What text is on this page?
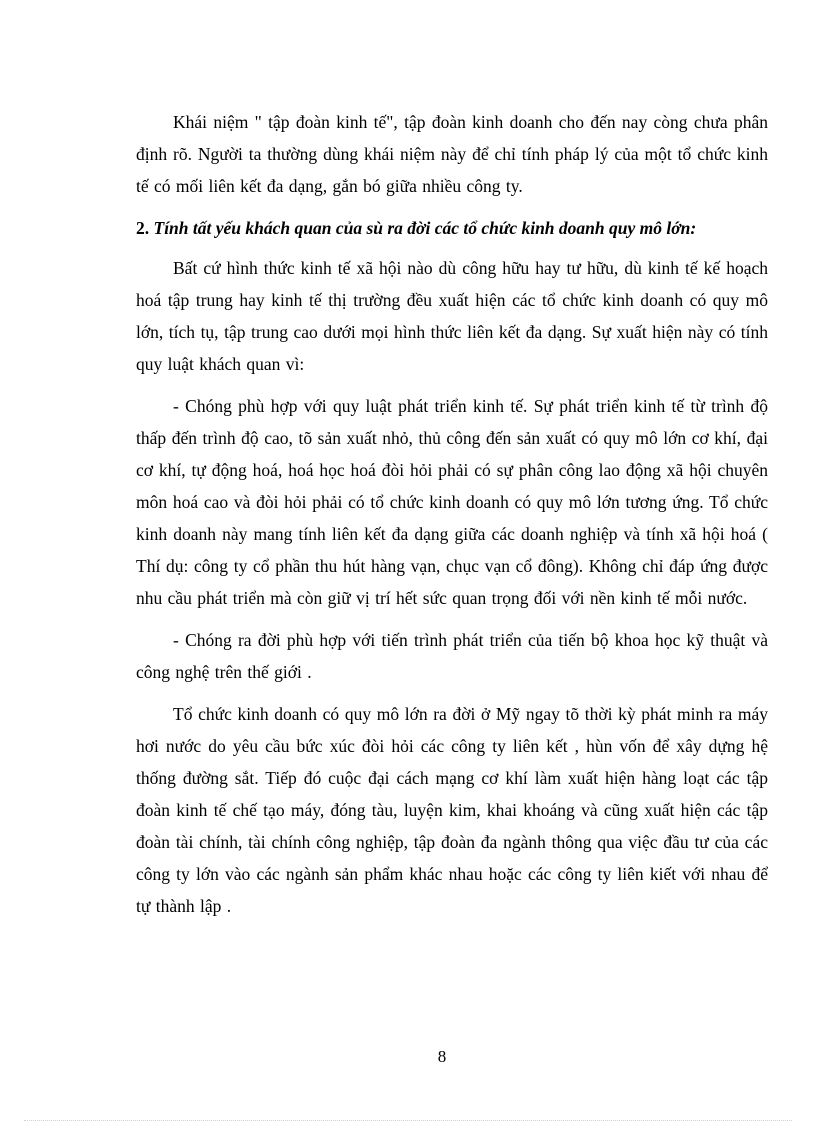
Khái niệm " tập đoàn kinh tế", tập đoàn kinh doanh cho đến nay còng chưa phân định rõ. Người ta thường dùng khái niệm này để chỉ tính pháp lý của một tổ chức kinh tế có mối liên kết đa dạng, gắn bó giữa nhiều công ty.

2. Tính tất yếu khách quan của sù ra đời các tổ chức kinh doanh quy mô lớn:

Bất cứ hình thức kinh tế xã hội nào dù công hữu hay tư hữu, dù kinh tế kế hoạch hoá tập trung hay kinh tế thị trường đều xuất hiện các tổ chức kinh doanh có quy mô lớn, tích tụ, tập trung cao dưới mọi hình thức liên kết đa dạng. Sự xuất hiện này có tính quy luật khách quan vì:

- Chóng phù hợp với quy luật phát triển kinh tế. Sự phát triển kinh tế từ trình độ thấp đến trình độ cao, tõ sản xuất nhỏ, thủ công đến sản xuất có quy mô lớn cơ khí, đại cơ khí, tự động hoá, hoá học hoá đòi hỏi phải có sự phân công lao động xã hội chuyên môn hoá cao và đòi hỏi phải có tổ chức kinh doanh có quy mô lớn tương ứng. Tổ chức kinh doanh này mang tính liên kết đa dạng giữa các doanh nghiệp và tính xã hội hoá ( Thí dụ: công ty cổ phần thu hút hàng vạn, chục vạn cổ đông). Không chỉ đáp ứng được nhu cầu phát triển mà còn giữ vị trí hết sức quan trọng đối với nền kinh tế mỗi nước.

- Chóng ra đời phù hợp với tiến trình phát triển của tiến bộ khoa học kỹ thuật và công nghệ trên thế giới .

Tổ chức kinh doanh có quy mô lớn ra đời ở Mỹ ngay tõ thời kỳ phát minh ra máy hơi nước do yêu cầu bức xúc đòi hỏi các công ty liên kết , hùn vốn để xây dựng hệ thống đường sắt. Tiếp đó cuộc đại cách mạng cơ khí làm xuất hiện hàng loạt các tập đoàn kinh tế chế tạo máy, đóng tàu, luyện kim, khai khoáng và cũng xuất hiện các tập đoàn tài chính, tài chính công nghiệp, tập đoàn đa ngành thông qua việc đầu tư của các công ty lớn vào các ngành sản phẩm khác nhau hoặc các công ty liên kiết với nhau để tự thành lập .

8
